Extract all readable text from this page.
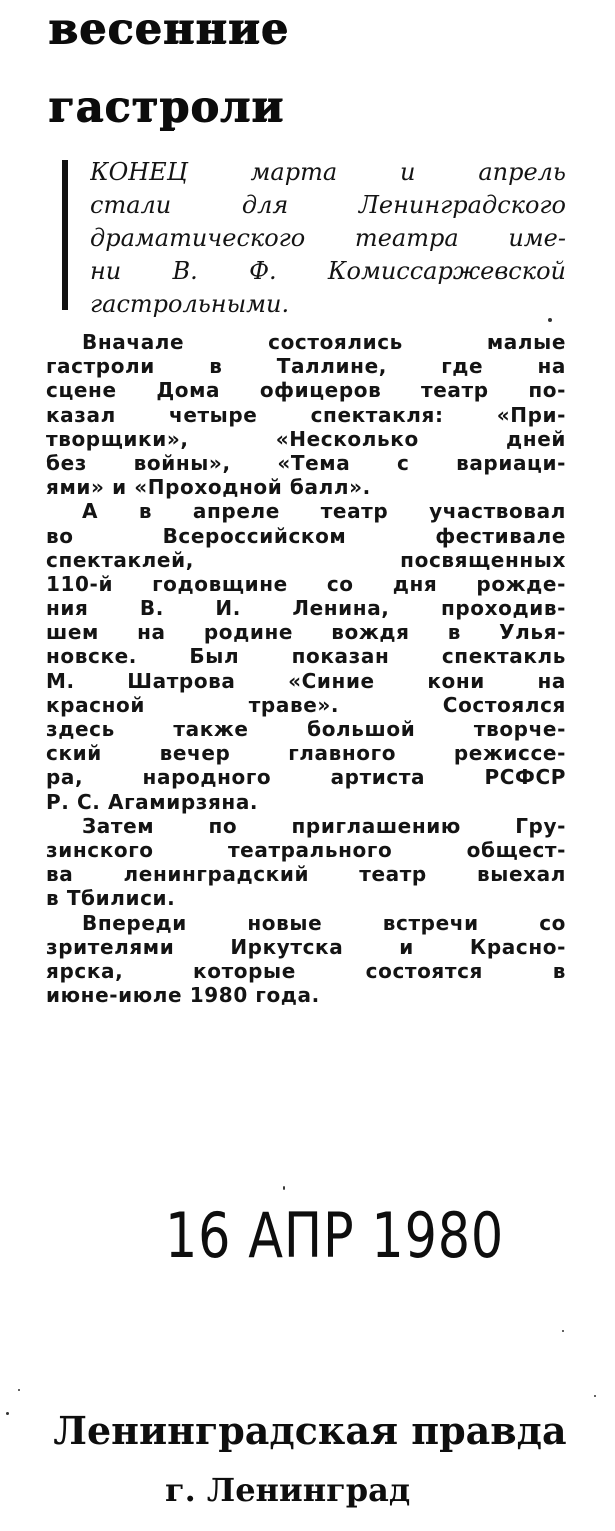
весенние
гастроли
КОНЕЦ марта и апрель
стали для Ленинградского
драматического театра име-
ни В. Ф. Комиссаржевской
гастрольными.
Вначале состоялись малые
гастроли в Таллине, где на
сцене Дома офицеров театр по-
казал четыре спектакля: «При-
творщики», «Несколько дней
без войны», «Тема с вариаци-
ями» и «Проходной балл».
А в апреле театр участвовал
во Всероссийском фестивале
спектаклей, посвященных
110-й годовщине со дня рожде-
ния В. И. Ленина, проходив-
шем на родине вождя в Улья-
новске. Был показан спектакль
М. Шатрова «Синие кони на
красной траве». Состоялся
здесь также большой творче-
ский вечер главного режиссе-
ра, народного артиста РСФСР
Р. С. Агамирзяна.
Затем по приглашению Гру-
зинского театрального общест-
ва ленинградский театр выехал
в Тбилиси.
Впереди новые встречи со
зрителями Иркутска и Красно-
ярска, которые состоятся в
июне-июле 1980 года.
16 АПР 1980
Ленинградская правда
г. Ленинград
